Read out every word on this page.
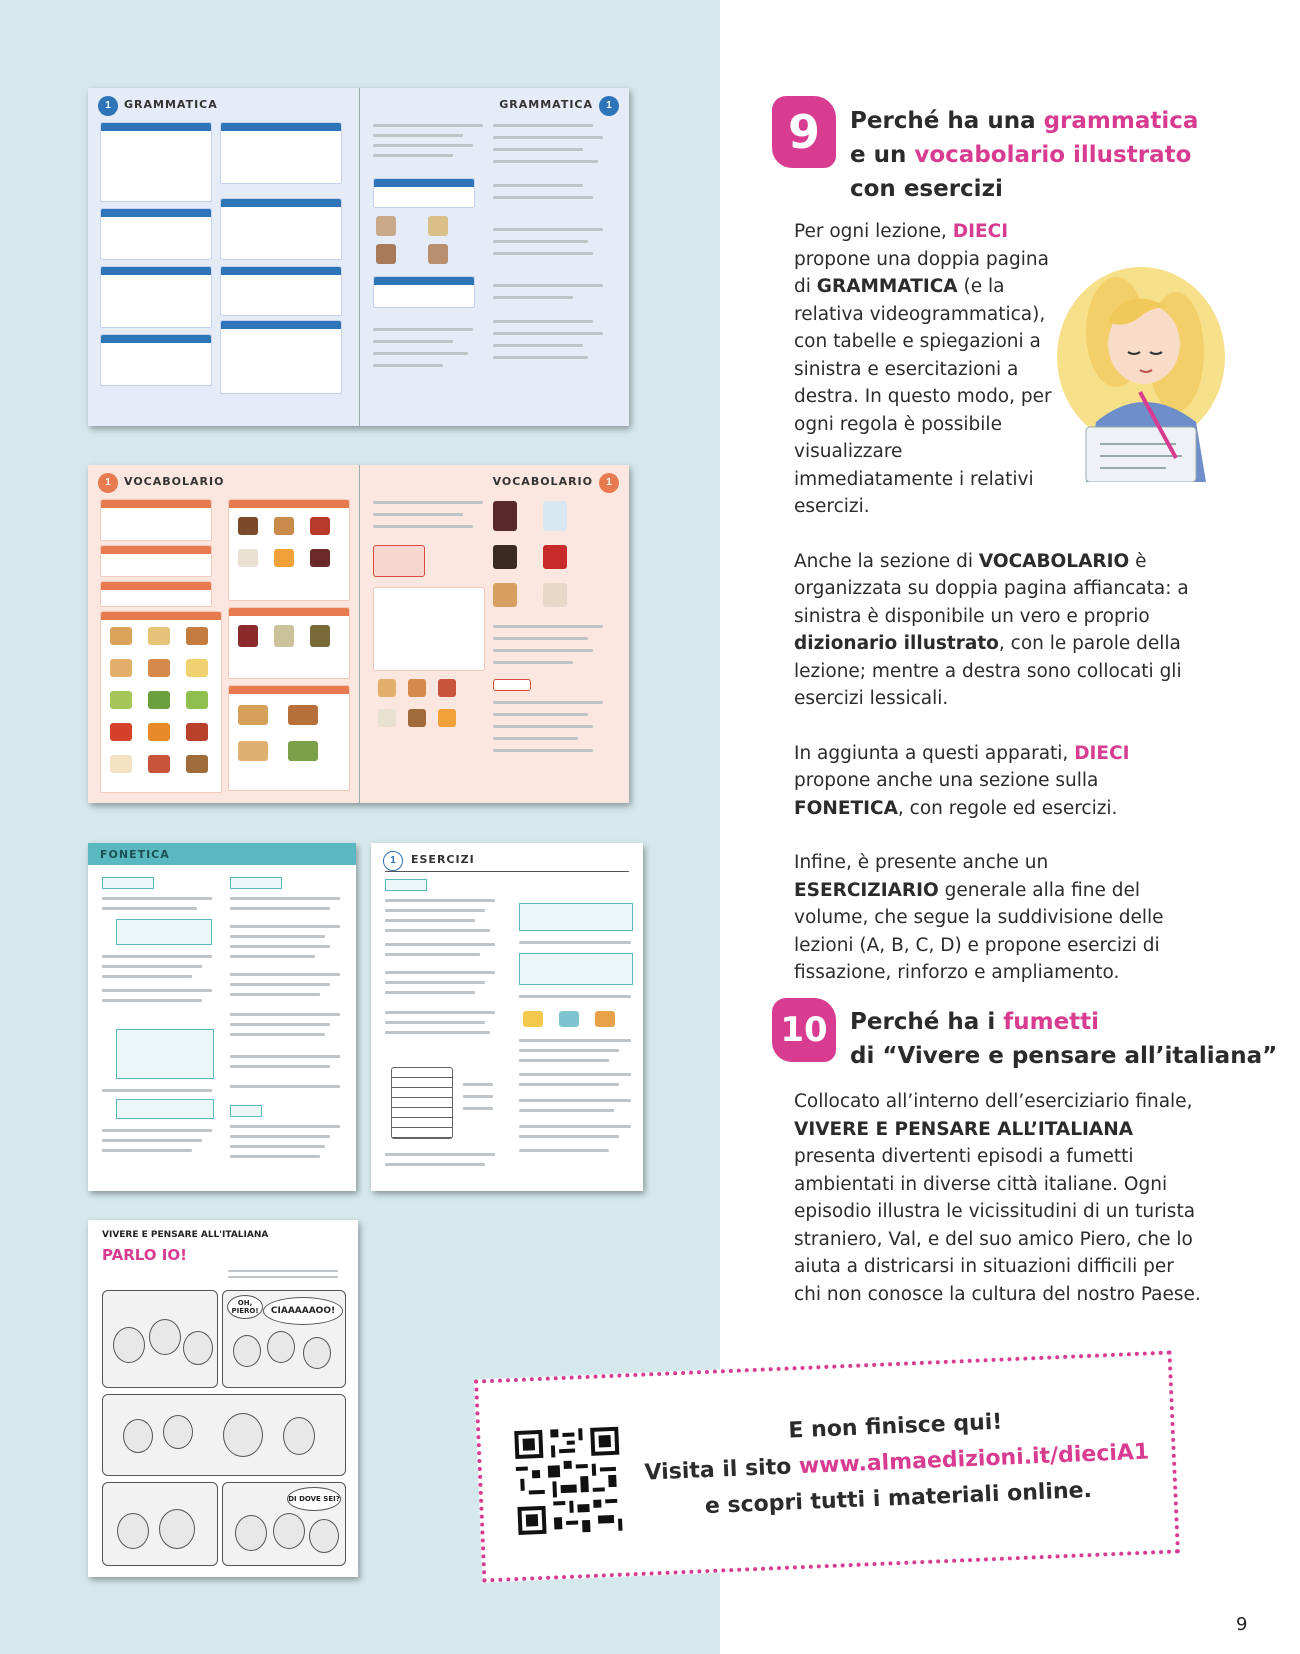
1	GRAMMATICA	GRAMMATICA	1
1	VOCABOLARIO	VOCABOLARIO	1
FONETICA	1	ESERCIZI
VIVERE E PENSARE ALL'ITALIANA
PARLO IO!
OH, PIERO!	CIAAAAAOO!
DI DOVE SEI?
9	Perché ha una grammatica
e un vocabolario illustrato
con esercizi

Per ogni lezione, DIECI propone una doppia pagina di GRAMMATICA (e la relativa videogrammatica), con tabelle e spiegazioni a sinistra e esercitazioni a destra. In questo modo, per ogni regola è possibile visualizzare immediatamente i relativi esercizi.

Anche la sezione di VOCABOLARIO è organizzata su doppia pagina affiancata: a sinistra è disponibile un vero e proprio dizionario illustrato, con le parole della lezione; mentre a destra sono collocati gli esercizi lessicali.

In aggiunta a questi apparati, DIECI propone anche una sezione sulla FONETICA, con regole ed esercizi.

Infine, è presente anche un ESERCIZIARIO generale alla fine del volume, che segue la suddivisione delle lezioni (A, B, C, D) e propone esercizi di fissazione, rinforzo e ampliamento.

10 Perché ha i fumetti
di “Vivere e pensare all’italiana”

Collocato all’interno dell’eserciziario finale, VIVERE E PENSARE ALL’ITALIANA presenta divertenti episodi a fumetti ambientati in diverse città italiane. Ogni episodio illustra le vicissitudini di un turista straniero, Val, e del suo amico Piero, che lo aiuta a districarsi in situazioni difficili per chi non conosce la cultura del nostro Paese.

E non finisce qui!
Visita il sito www.almaedizioni.it/dieciA1
e scopri tutti i materiali online.
9
